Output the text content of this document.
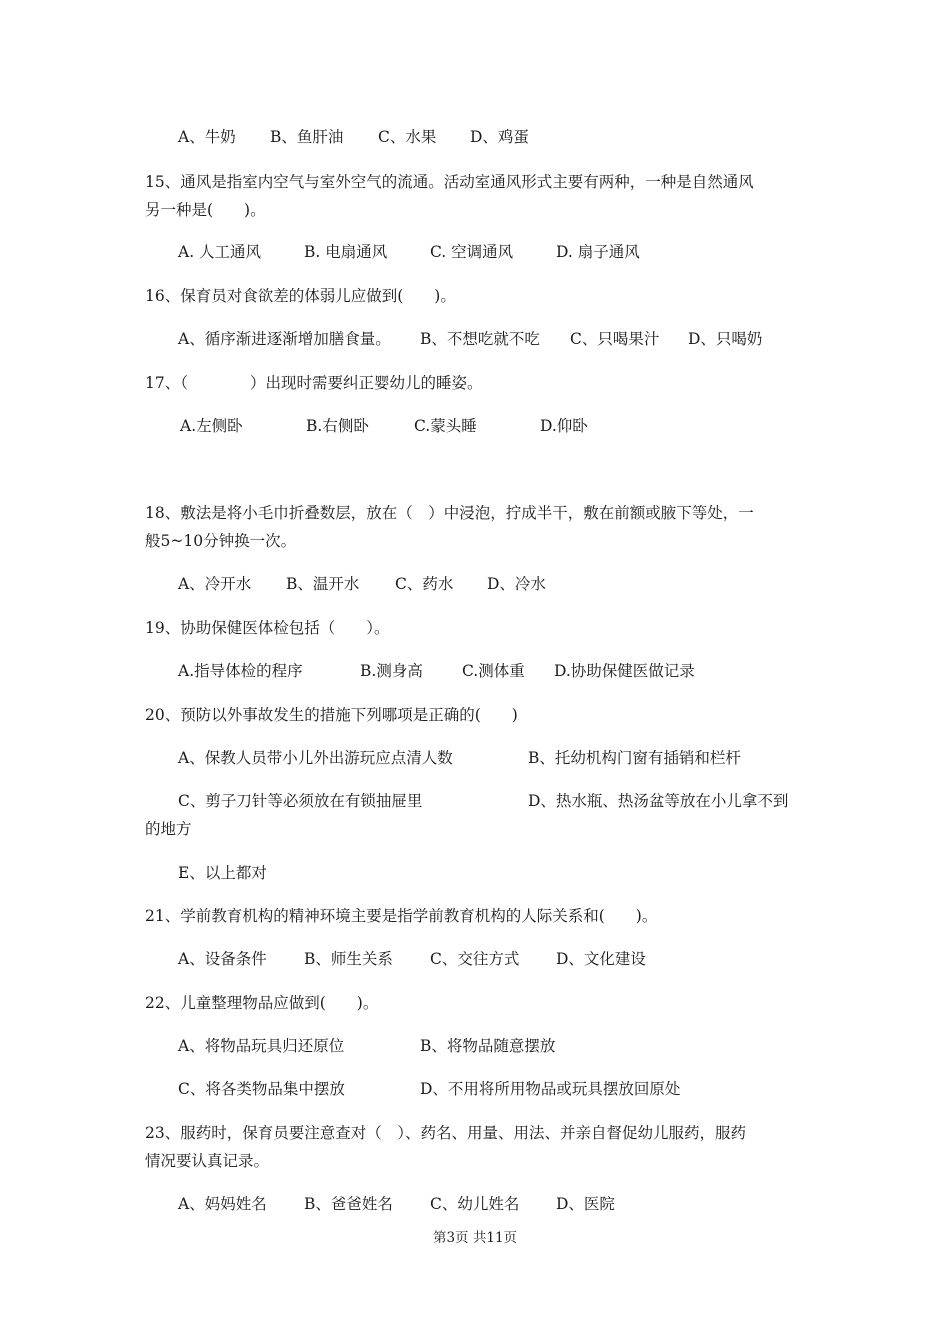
A、牛奶 B、鱼肝油 C、水果 D、鸡蛋
15、通风是指室内空气与室外空气的流通。活动室通风形式主要有两种，一种是自然通风
另一种是(　　)。
A. 人工通风	B. 电扇通风	C. 空调通风	D. 扇子通风
16、保育员对食欲差的体弱儿应做到(　　)。
A、循序渐进逐渐增加膳食量。 B、不想吃就不吃 C、只喝果汁 D、只喝奶
17、（　　　　）出现时需要纠正婴幼儿的睡姿。
A.左侧卧	B.右侧卧	C.蒙头睡	D.仰卧
18、敷法是将小毛巾折叠数层，放在（　）中浸泡，拧成半干，敷在前额或腋下等处，一
般5~10分钟换一次。
A、冷开水 B、温开水 C、药水 D、冷水
19、协助保健医体检包括（　　）。
A.指导体检的程序	B.测身高	C.测体重 D.协助保健医做记录
20、预防以外事故发生的措施下列哪项是正确的(　　)
A、保教人员带小儿外出游玩应点清人数	B、托幼机构门窗有插销和栏杆
C、剪子刀针等必须放在有锁抽屉里	D、热水瓶、热汤盆等放在小儿拿不到
的地方
E、以上都对
21、学前教育机构的精神环境主要是指学前教育机构的人际关系和(　　)。
A、设备条件 B、师生关系 C、交往方式 D、文化建设
22、儿童整理物品应做到(　　)。
A、将物品玩具归还原位	B、将物品随意摆放
C、将各类物品集中摆放	D、不用将所用物品或玩具摆放回原处
23、服药时，保育员要注意查对（　）、药名、用量、用法、并亲自督促幼儿服药，服药
情况要认真记录。
A、妈妈姓名 B、爸爸姓名 C、幼儿姓名 D、医院
第3页 共11页
